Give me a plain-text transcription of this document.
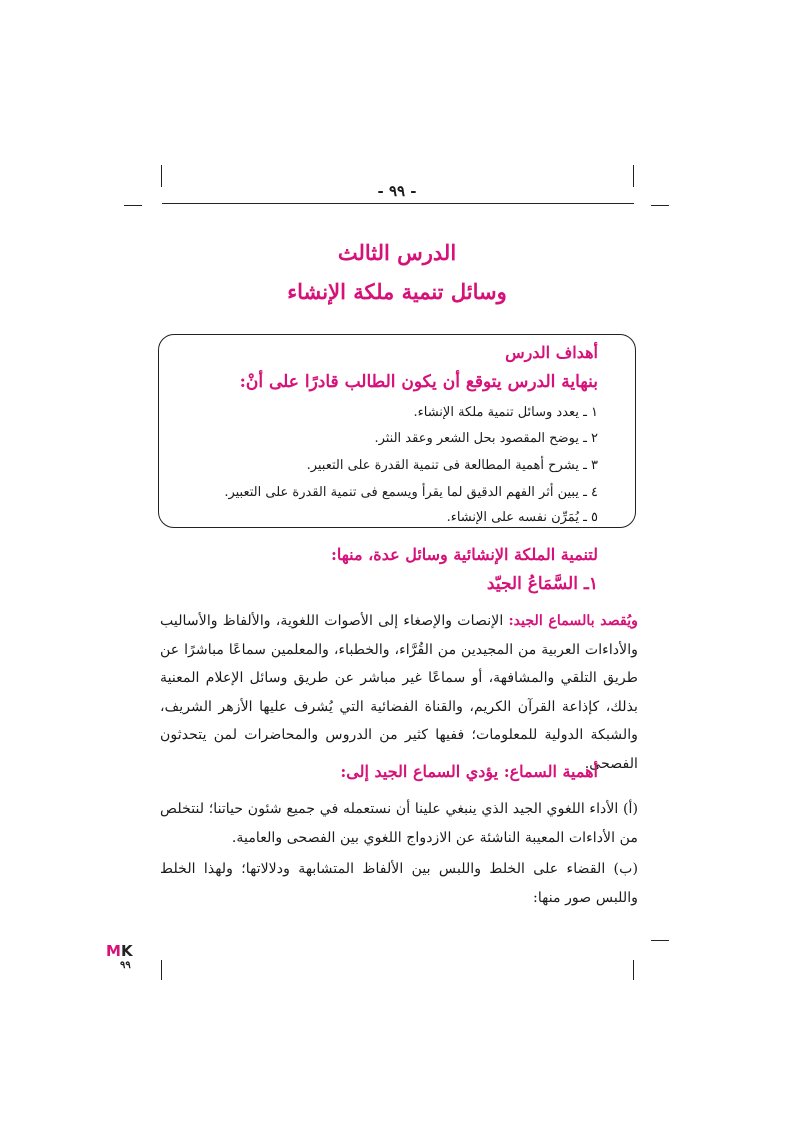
- ٩٩ -
الدرس الثالث
وسائل تنمية ملكة الإنشاء
أهداف الدرس
بنهاية الدرس يتوقع أن يكون الطالب قادرًا على أنْ:
١ ـ يعدد وسائل تنمية ملكة الإنشاء.
٢ ـ يوضح المقصود بحل الشعر وعقد النثر.
٣ ـ يشرح أهمية المطالعة فى تنمية القدرة على التعبير.
٤ ـ يبين أثر الفهم الدقيق لما يقرأ ويسمع فى تنمية القدرة على التعبير.
٥ ـ يُمَرِّن نفسه على الإنشاء.
لتنمية الملكة الإنشائية وسائل عدة، منها:
١ـ السَّمَاعُ الجيّد
ويُقصد بالسماع الجيد: الإنصات والإصغاء إلى الأصوات اللغوية، والألفاظ والأساليب والأداءات العربية من المجيدين من القُرَّاء، والخطباء، والمعلمين سماعًا مباشرًا عن طريق التلقي والمشافهة، أو سماعًا غير مباشر عن طريق وسائل الإعلام المعنية بذلك، كإذاعة القرآن الكريم، والقناة الفضائية التي يُشرف عليها الأزهر الشريف، والشبكة الدولية للمعلومات؛ ففيها كثير من الدروس والمحاضرات لمن يتحدثون الفصحى.
أهمية السماع: يؤدي السماع الجيد إلى:
(أ) الأداء اللغوي الجيد الذي ينبغي علينا أن نستعمله في جميع شئون حياتنا؛ لنتخلص من الأداءات المعيبة الناشئة عن الازدواج اللغوي بين الفصحى والعامية.
(ب) القضاء على الخلط واللبس بين الألفاظ المتشابهة ودلالاتها؛ ولهذا الخلط واللبس صور منها:
MK
٩٩
